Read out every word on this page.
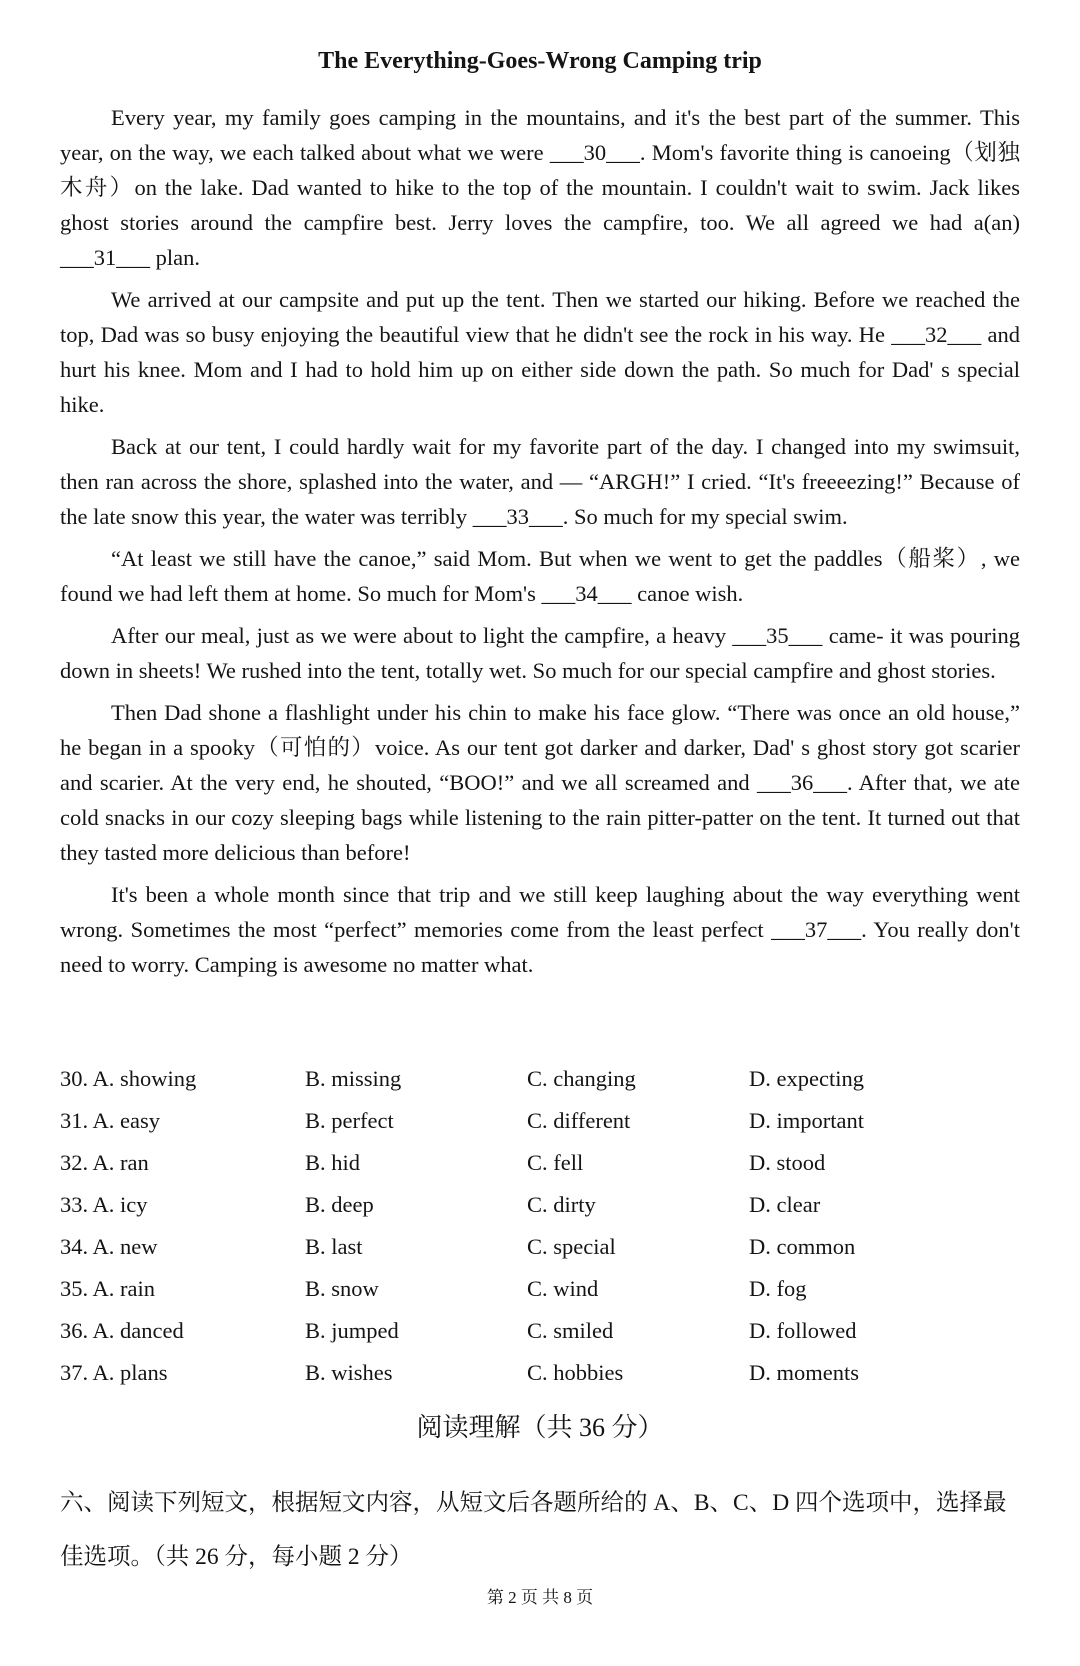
The Everything-Goes-Wrong Camping trip

Every year, my family goes camping in the mountains, and it's the best part of the summer. This year, on the way, we each talked about what we were ___30___. Mom's favorite thing is canoeing（划独木舟）on the lake. Dad wanted to hike to the top of the mountain. I couldn't wait to swim. Jack likes ghost stories around the campfire best. Jerry loves the campfire, too. We all agreed we had a(an) ___31___ plan.

We arrived at our campsite and put up the tent. Then we started our hiking. Before we reached the top, Dad was so busy enjoying the beautiful view that he didn't see the rock in his way. He ___32___ and hurt his knee. Mom and I had to hold him up on either side down the path. So much for Dad' s special hike.

Back at our tent, I could hardly wait for my favorite part of the day. I changed into my swimsuit, then ran across the shore, splashed into the water, and — “ARGH!” I cried. “It's freeeezing!” Because of the late snow this year, the water was terribly ___33___. So much for my special swim.

“At least we still have the canoe,” said Mom. But when we went to get the paddles（船桨）, we found we had left them at home. So much for Mom's ___34___ canoe wish.

After our meal, just as we were about to light the campfire, a heavy ___35___ came- it was pouring down in sheets! We rushed into the tent, totally wet. So much for our special campfire and ghost stories.

Then Dad shone a flashlight under his chin to make his face glow. “There was once an old house,” he began in a spooky（可怕的）voice. As our tent got darker and darker, Dad' s ghost story got scarier and scarier. At the very end, he shouted, “BOO!” and we all screamed and ___36___. After that, we ate cold snacks in our cozy sleeping bags while listening to the rain pitter-patter on the tent. It turned out that they tasted more delicious than before!

It's been a whole month since that trip and we still keep laughing about the way everything went wrong. Sometimes the most “perfect” memories come from the least perfect ___37___. You really don't need to worry. Camping is awesome no matter what.

30. A. showing	B. missing	C. changing	D. expecting
31. A. easy	B. perfect	C. different	D. important
32. A. ran	B. hid	C. fell	D. stood
33. A. icy	B. deep	C. dirty	D. clear
34. A. new	B. last	C. special	D. common
35. A. rain	B. snow	C. wind	D. fog
36. A. danced	B. jumped	C. smiled	D. followed
37. A. plans	B. wishes	C. hobbies	D. moments
阅读理解（共 36 分）
六、阅读下列短文，根据短文内容，从短文后各题所给的 A、B、C、D 四个选项中，选择最佳选项。（共 26 分，每小题 2 分）
第 2 页 共 8 页
